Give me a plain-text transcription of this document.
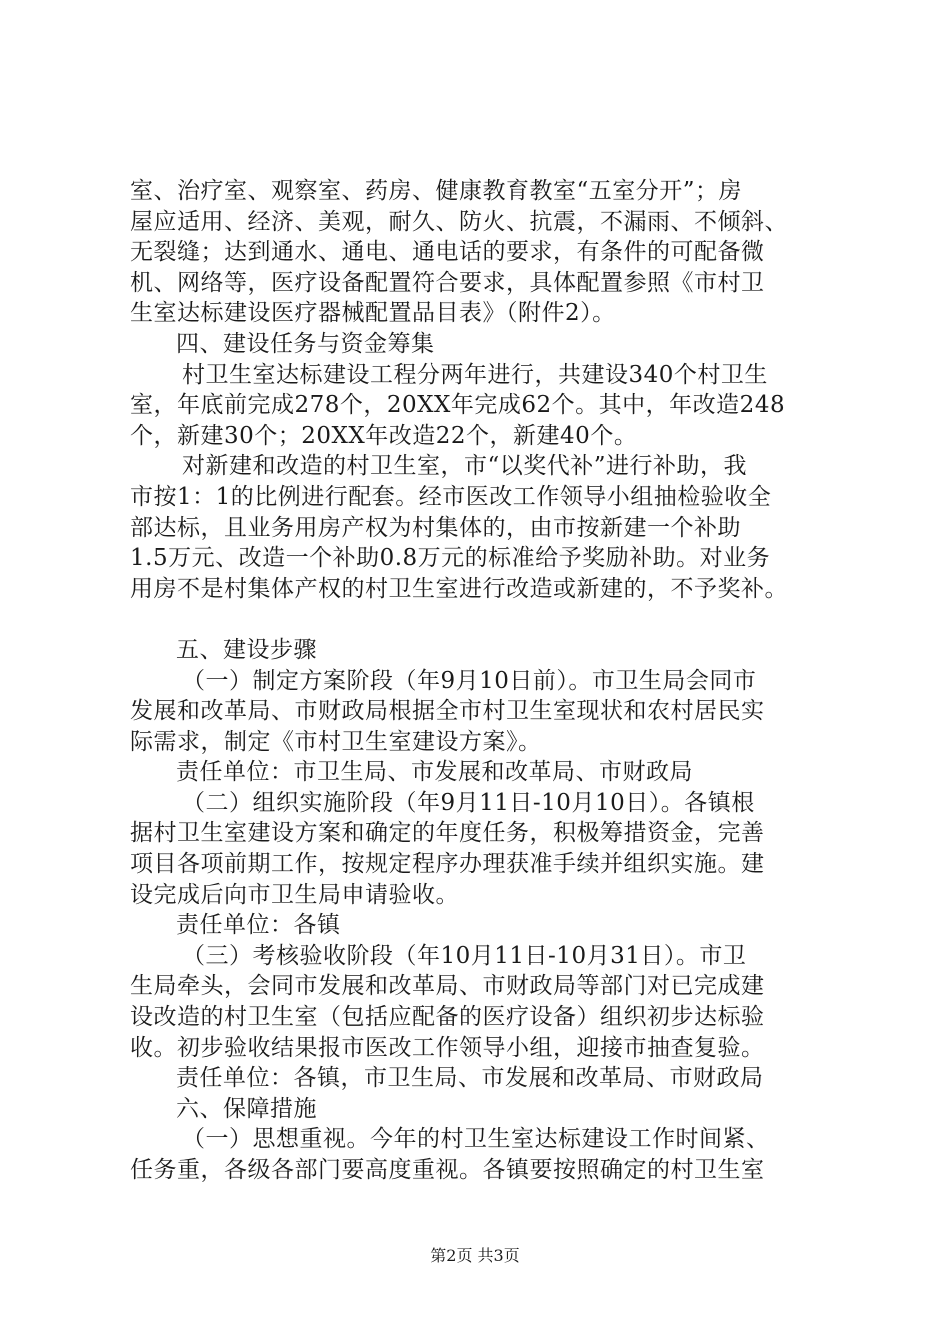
室、治疗室、观察室、药房、健康教育教室“五室分开”；房
屋应适用、经济、美观，耐久、防火、抗震，不漏雨、不倾斜、
无裂缝；达到通水、通电、通电话的要求，有条件的可配备微
机、网络等，医疗设备配置符合要求，具体配置参照《市村卫
生室达标建设医疗器械配置品目表》（附件2）。
四、建设任务与资金筹集
村卫生室达标建设工程分两年进行，共建设340个村卫生
室，年底前完成278个，20XX年完成62个。其中，年改造248
个，新建30个；20XX年改造22个，新建40个。
对新建和改造的村卫生室，市“以奖代补”进行补助，我
市按1：1的比例进行配套。经市医改工作领导小组抽检验收全
部达标，且业务用房产权为村集体的，由市按新建一个补助
1.5万元、改造一个补助0.8万元的标准给予奖励补助。对业务
用房不是村集体产权的村卫生室进行改造或新建的，不予奖补。
五、建设步骤
（一）制定方案阶段（年9月10日前）。市卫生局会同市
发展和改革局、市财政局根据全市村卫生室现状和农村居民实
际需求，制定《市村卫生室建设方案》。
责任单位：市卫生局、市发展和改革局、市财政局
（二）组织实施阶段（年9月11日-10月10日）。各镇根
据村卫生室建设方案和确定的年度任务，积极筹措资金，完善
项目各项前期工作，按规定程序办理获准手续并组织实施。建
设完成后向市卫生局申请验收。
责任单位：各镇
（三）考核验收阶段（年10月11日-10月31日）。市卫
生局牵头，会同市发展和改革局、市财政局等部门对已完成建
设改造的村卫生室（包括应配备的医疗设备）组织初步达标验
收。初步验收结果报市医改工作领导小组，迎接市抽查复验。
责任单位：各镇，市卫生局、市发展和改革局、市财政局
六、保障措施
（一）思想重视。今年的村卫生室达标建设工作时间紧、
任务重，各级各部门要高度重视。各镇要按照确定的村卫生室
第2页 共3页
